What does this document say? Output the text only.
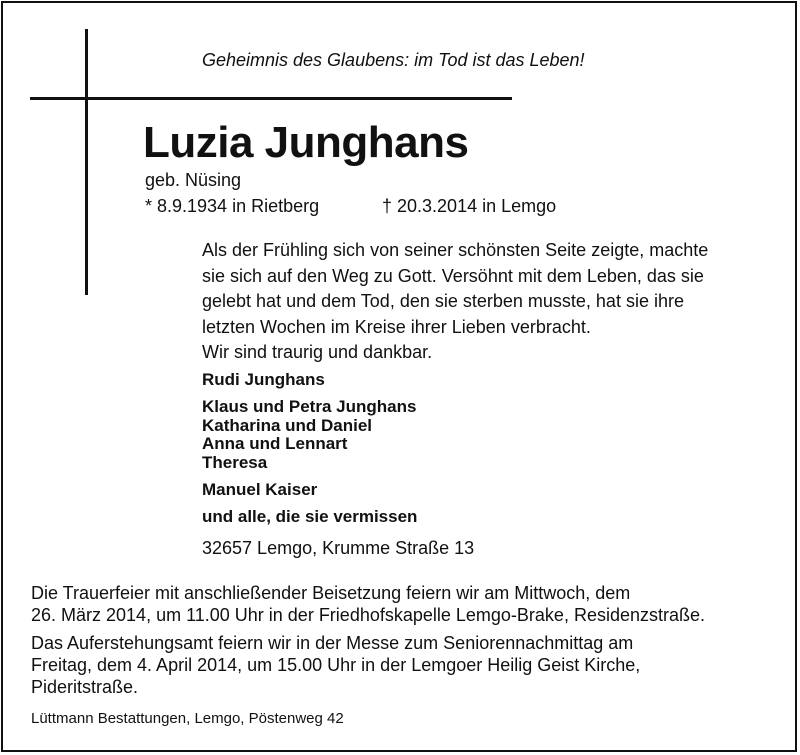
Geheimnis des Glaubens: im Tod ist das Leben!
Luzia Junghans
geb. Nüsing
* 8.9.1934 in Rietberg	† 20.3.2014 in Lemgo
Als der Frühling sich von seiner schönsten Seite zeigte, machte
sie sich auf den Weg zu Gott. Versöhnt mit dem Leben, das sie
gelebt hat und dem Tod, den sie sterben musste, hat sie ihre
letzten Wochen im Kreise ihrer Lieben verbracht.
Wir sind traurig und dankbar.
Rudi Junghans
Klaus und Petra Junghans
Katharina und Daniel
Anna und Lennart
Theresa
Manuel Kaiser
und alle, die sie vermissen
32657 Lemgo, Krumme Straße 13
Die Trauerfeier mit anschließender Beisetzung feiern wir am Mittwoch, dem
26. März 2014, um 11.00 Uhr in der Friedhofskapelle Lemgo-Brake, Residenzstraße.
Das Auferstehungsamt feiern wir in der Messe zum Seniorennachmittag am
Freitag, dem 4. April 2014, um 15.00 Uhr in der Lemgoer Heilig Geist Kirche,
Pideritstraße.
Lüttmann Bestattungen, Lemgo, Pöstenweg 42
